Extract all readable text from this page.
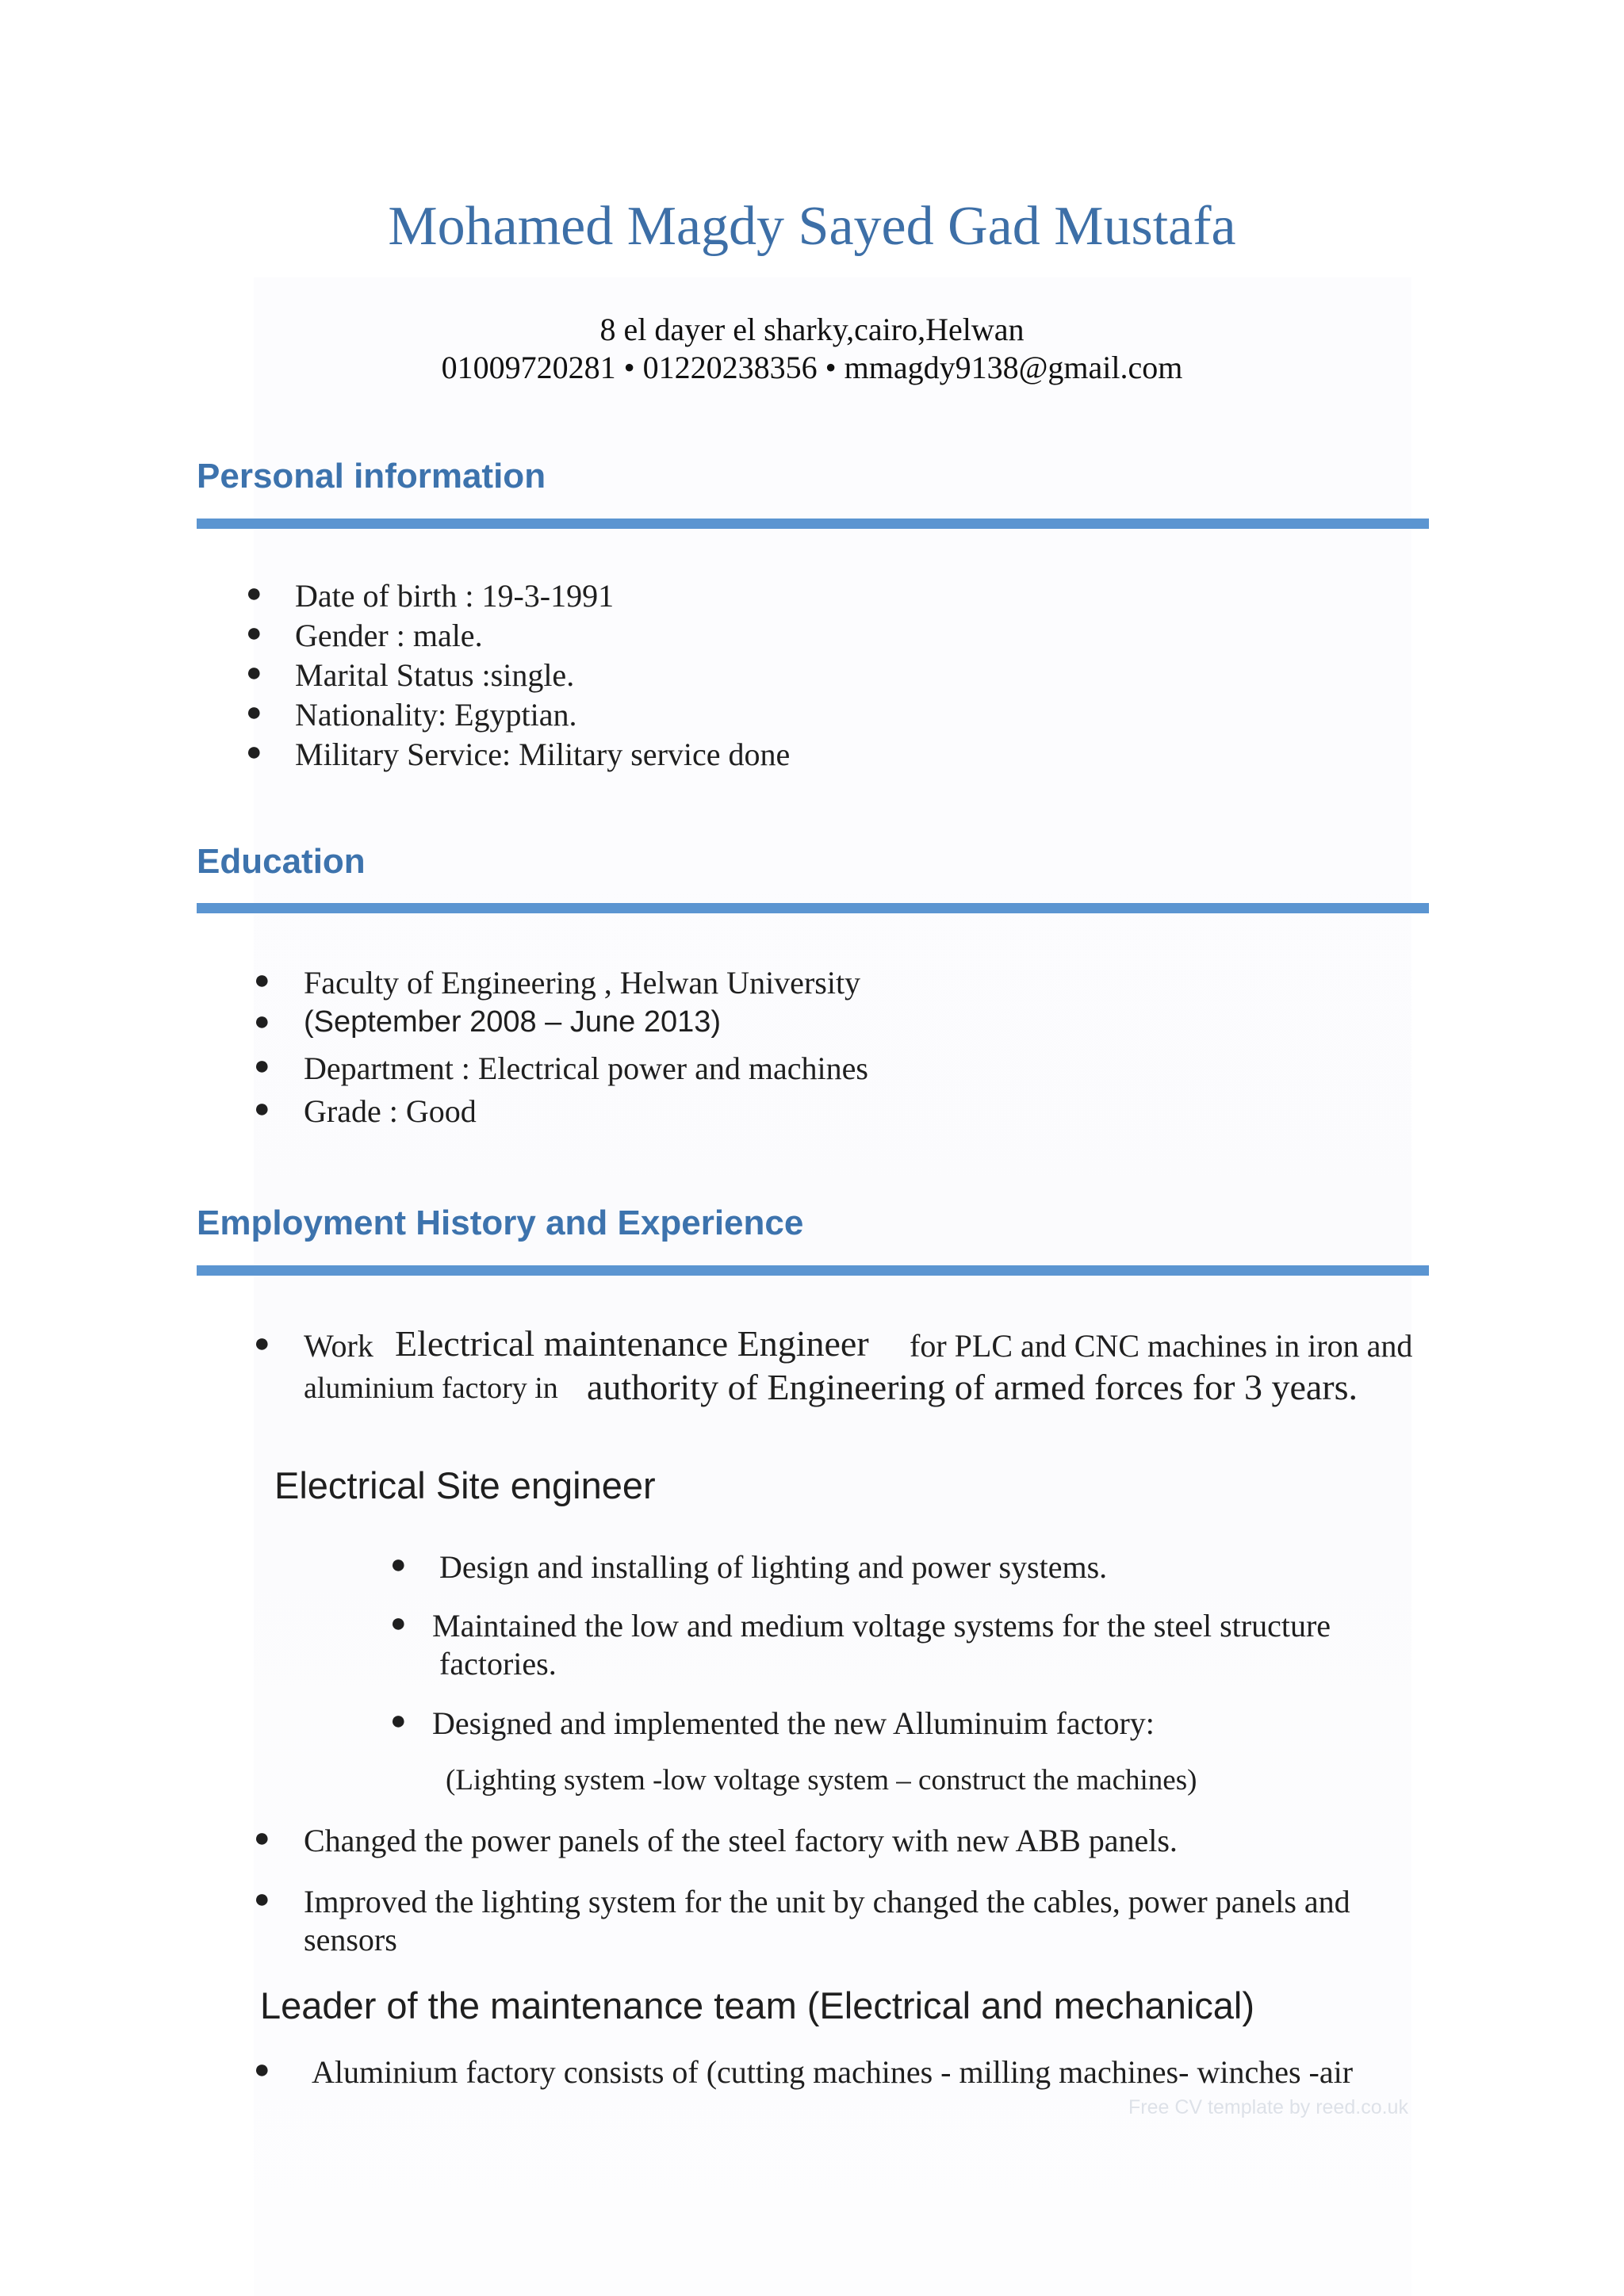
Mohamed Magdy Sayed Gad Mustafa
8 el dayer el sharky,cairo,Helwan
01009720281 • 01220238356 • mmagdy9138@gmail.com
Personal information
● Date of birth : 19-3-1991
● Gender : male.
● Marital Status :single.
● Nationality: Egyptian.
● Military Service: Military service done
Education
● Faculty of Engineering , Helwan University
● (September 2008 – June 2013)
● Department : Electrical power and machines
● Grade : Good
Employment History and Experience
● Work Electrical maintenance Engineer for PLC and CNC machines in iron and
aluminium factory in authority of Engineering of armed forces for 3 years.
Electrical Site engineer
● Design and installing of lighting and power systems.
● Maintained the low and medium voltage systems for the steel structure
factories.
● Designed and implemented the new Alluminuim factory:
(Lighting system -low voltage system – construct the machines)
● Changed the power panels of the steel factory with new ABB panels.
● Improved the lighting system for the unit by changed the cables, power panels and
sensors
Leader of the maintenance team (Electrical and mechanical)
● Aluminium factory consists of (cutting machines - milling machines- winches -air
Free CV template by reed.co.uk
